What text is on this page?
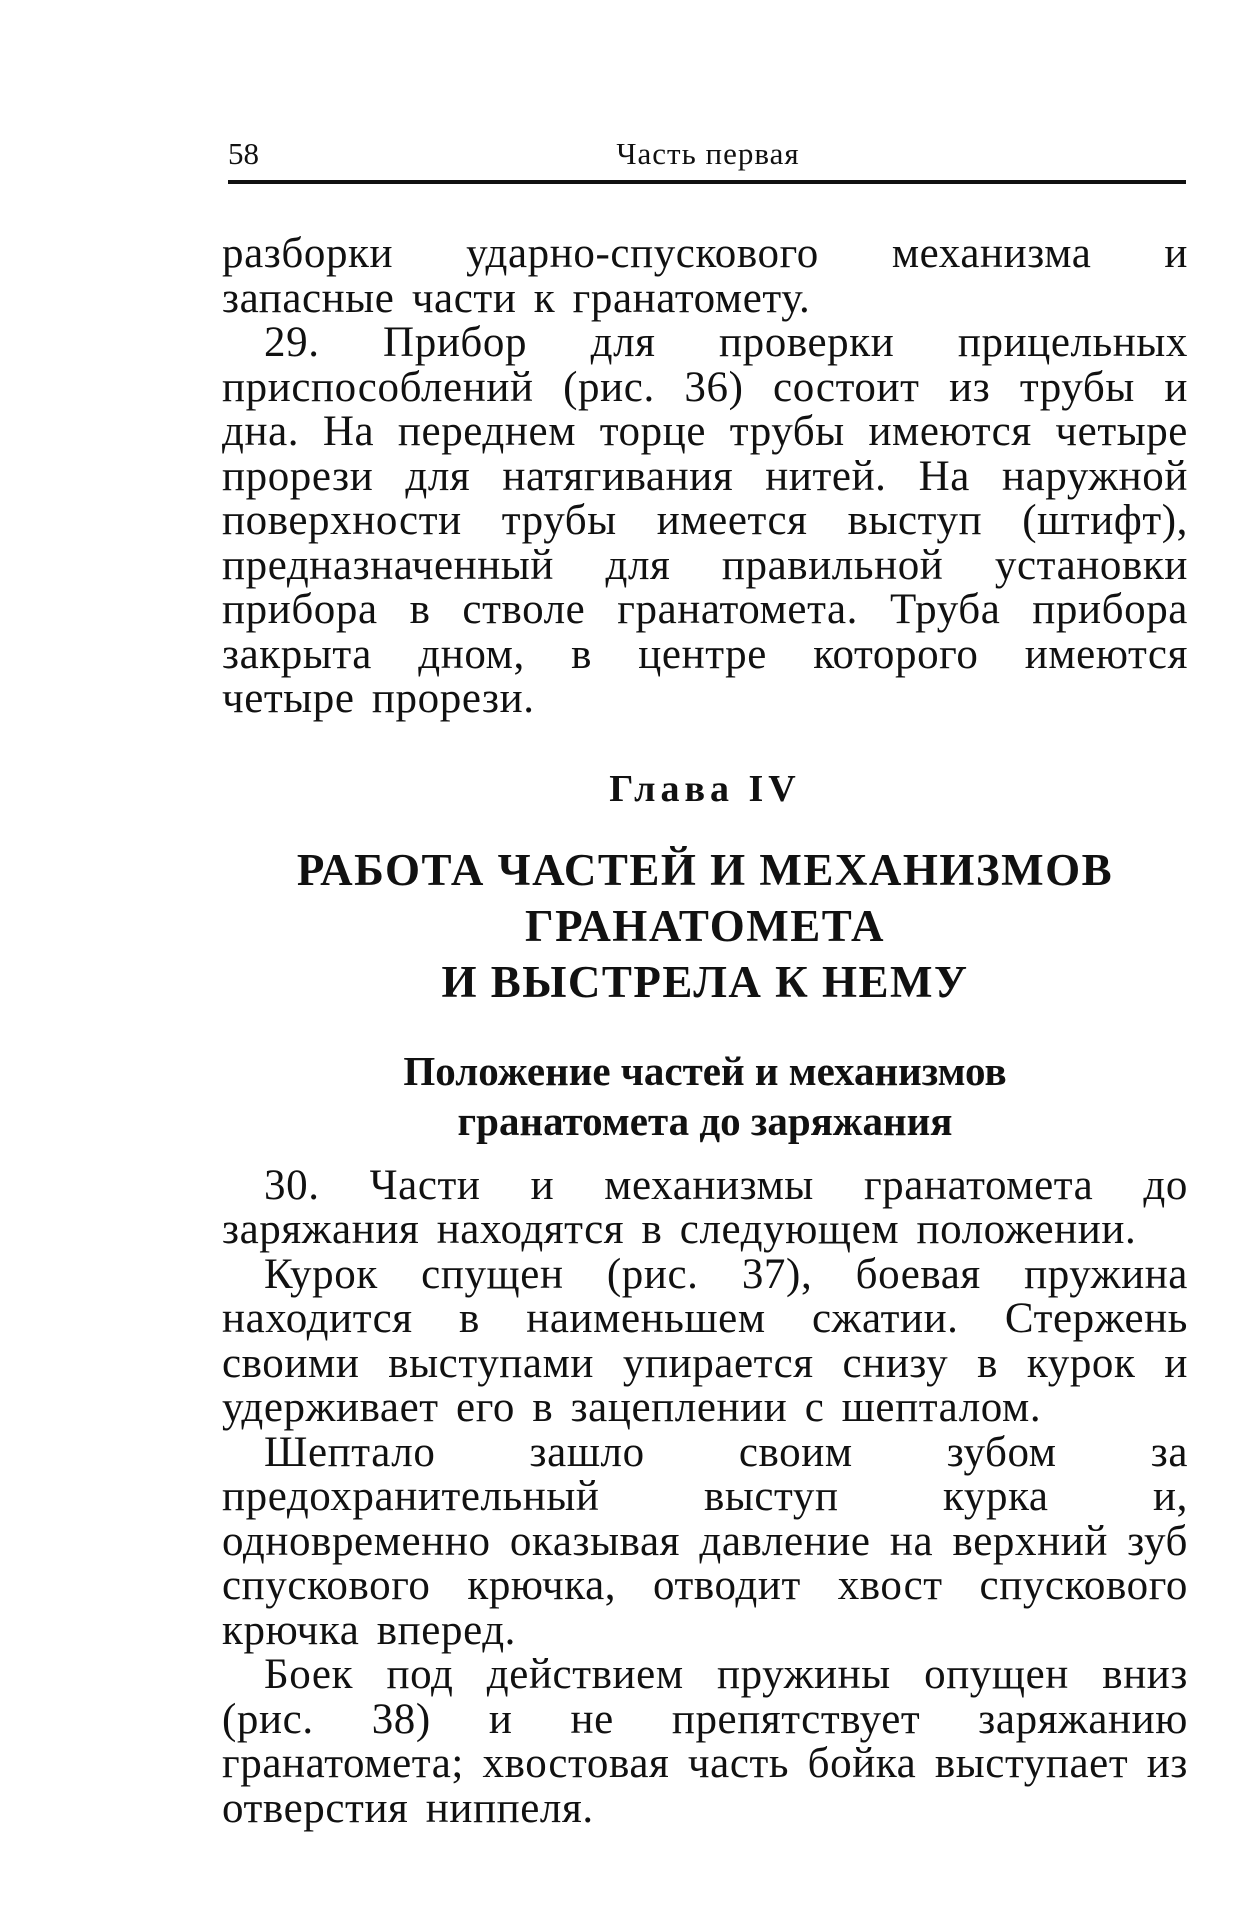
58	Часть первая

разборки ударно-спускового механизма и запасные части к гранатомету.

29. Прибор для проверки прицельных приспособлений (рис. 36) состоит из трубы и дна. На переднем торце трубы имеются четыре прорези для натягивания нитей. На наружной поверхности трубы имеется выступ (штифт), предназначенный для правильной установки прибора в стволе гранатомета. Труба прибора закрыта дном, в центре которого имеются четыре прорези.

Глава IV
РАБОТА ЧАСТЕЙ И МЕХАНИЗМОВ
ГРАНАТОМЕТА
И ВЫСТРЕЛА К НЕМУ
Положение частей и механизмов
гранатомета до заряжания

30. Части и механизмы гранатомета до заряжания находятся в следующем положении.

Курок спущен (рис. 37), боевая пружина находится в наименьшем сжатии. Стержень своими выступами упирается снизу в курок и удерживает его в зацеплении с шепталом.

Шептало зашло своим зубом за предохранительный выступ курка и, одновременно оказывая давление на верхний зуб спускового крючка, отводит хвост спускового крючка вперед.

Боек под действием пружины опущен вниз (рис. 38) и не препятствует заряжанию гранатомета; хвостовая часть бойка выступает из отверстия ниппеля.
